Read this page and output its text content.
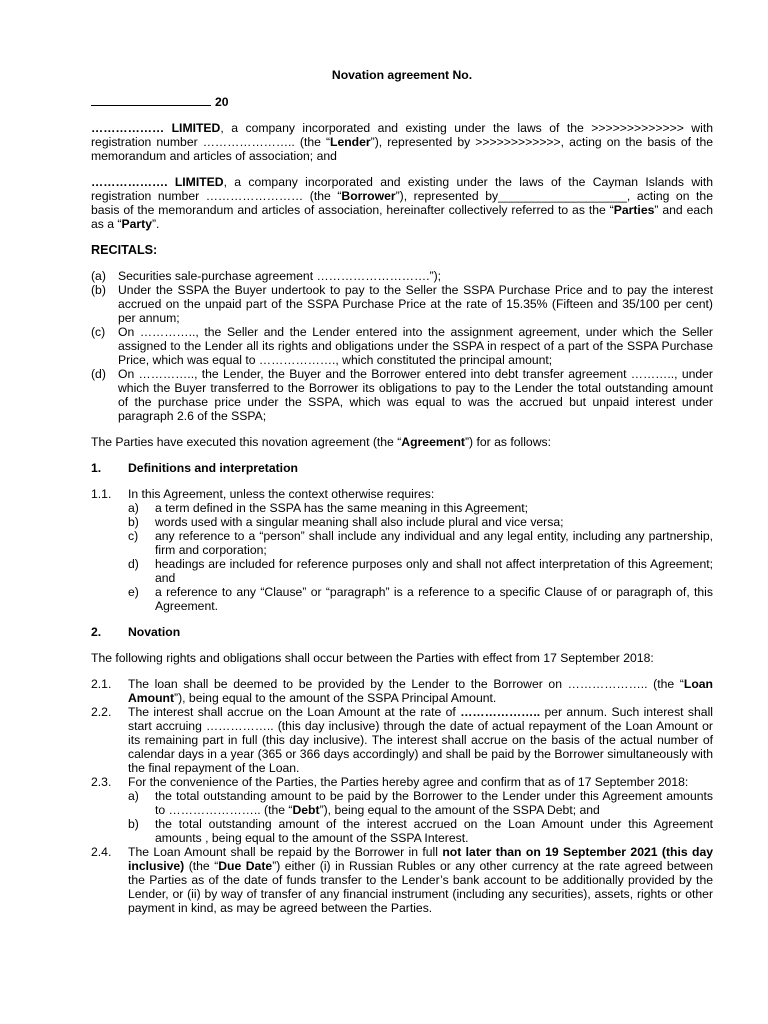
Novation agreement No.
20

……………… LIMITED, a company incorporated and existing under the laws of the >>>>>>>>>>>>> with registration number ………………….. (the “Lender”), represented by >>>>>>>>>>>>, acting on the basis of the memorandum and articles of association; and

………………. LIMITED, a company incorporated and existing under the laws of the Cayman Islands with registration number …………………… (the “Borrower”), represented by___________________, acting on the basis of the memorandum and articles of association, hereinafter collectively referred to as the “Parties” and each as a “Party”.

RECITALS:
(a) Securities sale-purchase agreement ……………………….”);
(b) Under the SSPA the Buyer undertook to pay to the Seller the SSPA Purchase Price and to pay the interest accrued on the unpaid part of the SSPA Purchase Price at the rate of 15.35% (Fifteen and 35/100 per cent) per annum;
(c)	On ………….., the Seller and the Lender entered into the assignment agreement, under which the Seller assigned to the Lender all its rights and obligations under the SSPA in respect of a part of the SSPA Purchase Price, which was equal to ………………., which constituted the principal amount;
(d) On ………….., the Lender, the Buyer and the Borrower entered into debt transfer agreement ……….., under which the Buyer transferred to the Borrower its obligations to pay to the Lender the total outstanding amount of the purchase price under the SSPA, which was equal to was the accrued but unpaid interest under paragraph 2.6 of the SSPA;

The Parties have executed this novation agreement (the “Agreement”) for as follows:

1.	Definitions and interpretation
1.1.	In this Agreement, unless the context otherwise requires:
a)	a term defined in the SSPA has the same meaning in this Agreement;
b)	words used with a singular meaning shall also include plural and vice versa;
c)	any reference to a “person” shall include any individual and any legal entity, including any partnership, firm and corporation;
d)	headings are included for reference purposes only and shall not affect interpretation of this Agreement; and
e)	a reference to any “Clause” or “paragraph” is a reference to a specific Clause of or paragraph of, this Agreement.
2.	Novation

The following rights and obligations shall occur between the Parties with effect from 17 September 2018:

2.1.	The loan shall be deemed to be provided by the Lender to the Borrower on ……………….. (the “Loan Amount”), being equal to the amount of the SSPA Principal Amount.
2.2.	The interest shall accrue on the Loan Amount at the rate of ……………….. per annum. Such interest shall start accruing …………….. (this day inclusive) through the date of actual repayment of the Loan Amount or its remaining part in full (this day inclusive). The interest shall accrue on the basis of the actual number of calendar days in a year (365 or 366 days accordingly) and shall be paid by the Borrower simultaneously with the final repayment of the Loan.
2.3.	For the convenience of the Parties, the Parties hereby agree and confirm that as of 17 September 2018:
a)	the total outstanding amount to be paid by the Borrower to the Lender under this Agreement amounts to ………………….. (the “Debt”), being equal to the amount of the SSPA Debt; and
b)	the total outstanding amount of the interest accrued on the Loan Amount under this Agreement amounts , being equal to the amount of the SSPA Interest.
2.4.	The Loan Amount shall be repaid by the Borrower in full not later than on 19 September 2021 (this day inclusive) (the “Due Date”) either (i) in Russian Rubles or any other currency at the rate agreed between the Parties as of the date of funds transfer to the Lender’s bank account to be additionally provided by the Lender, or (ii) by way of transfer of any financial instrument (including any securities), assets, rights or other payment in kind, as may be agreed between the Parties.
